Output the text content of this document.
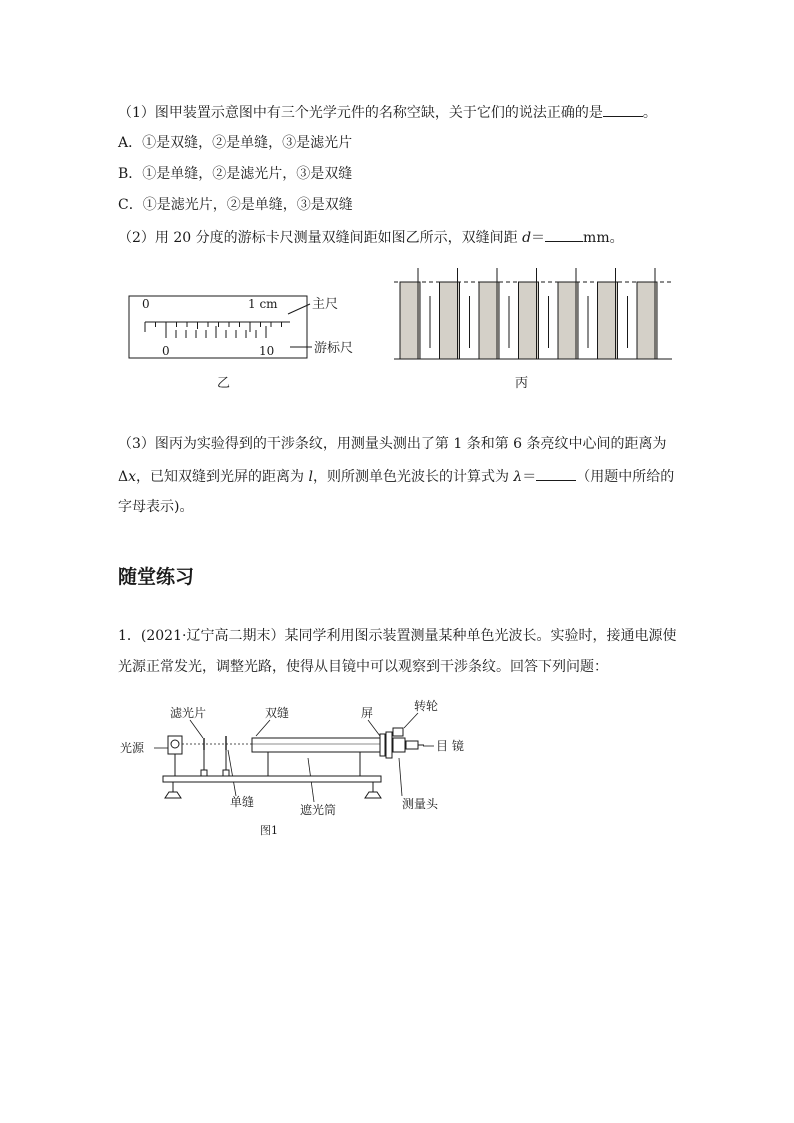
（1）图甲装置示意图中有三个光学元件的名称空缺，关于它们的说法正确的是	。
A．①是双缝，②是单缝，③是滤光片
B．①是单缝，②是滤光片，③是双缝
C．①是滤光片，②是单缝，③是双缝
（2）用 20 分度的游标卡尺测量双缝间距如图乙所示，双缝间距 d＝	mm。
0	1 cm
0	10
主尺
游标尺
乙	丙
（3）图丙为实验得到的干涉条纹，用测量头测出了第 1 条和第 6 条亮纹中心间的距离为
Δx，已知双缝到光屏的距离为 l，则所测单色光波长的计算式为 λ＝	（用题中所给的
字母表示)。
随堂练习
1．(2021·辽宁高二期末）某同学利用图示装置测量某种单色光波长。实验时，接通电源使
光源正常发光，调整光路，使得从目镜中可以观察到干涉条纹。回答下列问题：
滤光片	双缝	屏	转轮
光源	目 镜
单缝
遮光筒	测量头
图1
